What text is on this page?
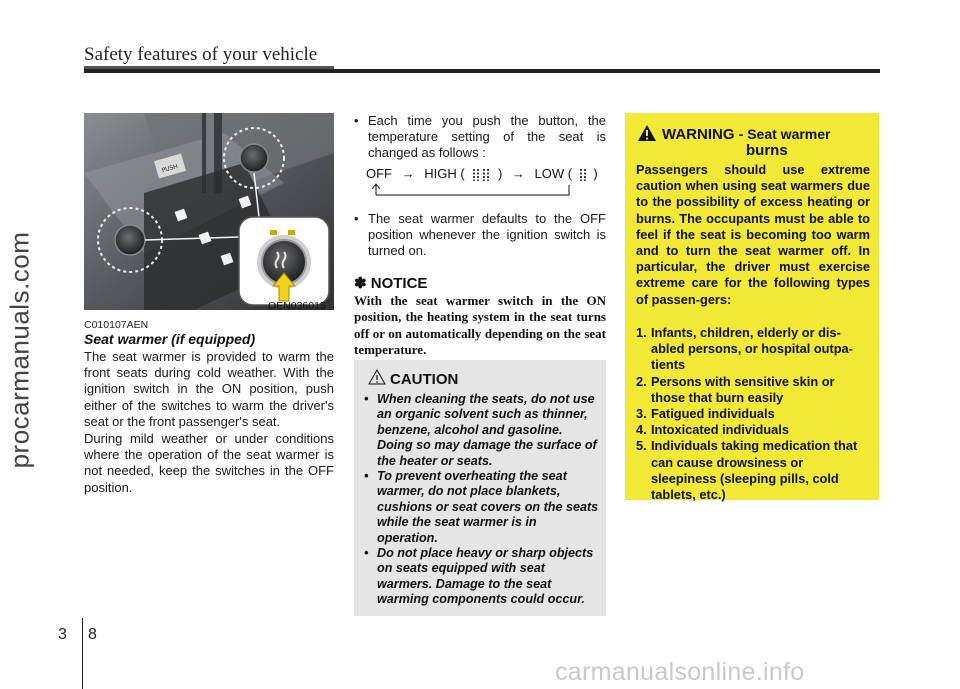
Safety features of your vehicle
procarmanuals.com
PUSH
OEN036015
C010107AEN
Seat warmer (if equipped)
The seat warmer is provided to warm the front seats during cold weather. With the ignition switch in the ON position, push either of the switches to warm the driver's seat or the front passenger's seat.
During mild weather or under conditions where the operation of the seat warmer is not needed, keep the switches in the OFF position.
• Each time you push the button, the temperature setting of the seat is changed as follows :
OFF → HIGH (	) → LOW ( )
• The seat warmer defaults to the OFF position whenever the ignition switch is turned on.
✽ NOTICE
With the seat warmer switch in the ON position, the heating system in the seat turns off or on automatically depending on the seat temperature.
• When cleaning the seats, do not use an organic solvent such as thinner, benzene, alcohol and gasoline. Doing so may damage the surface of the heater or seats.
• To prevent overheating the seat warmer, do not place blankets, cushions or seat covers on the seats while the seat warmer is in operation.
• Do not place heavy or sharp objects on seats equipped with seat warmers. Damage to the seat warming components could occur.
CAUTION
WARNING - Seat warmer
burns
Passengers should use extreme caution when using seat warmers due to the possibility of excess heating or burns. The occupants must be able to feel if the seat is becoming too warm and to turn the seat warmer off. In particular, the driver must exercise extreme care for the following types of passen-gers:
1. Infants, children, elderly or dis-abled persons, or hospital outpa-tients
2. Persons with sensitive skin or those that burn easily
3. Fatigued individuals
4. Intoxicated individuals
5. Individuals taking medication that can cause drowsiness or sleepiness (sleeping pills, cold tablets, etc.)
3 8
carmanualsonline.info
